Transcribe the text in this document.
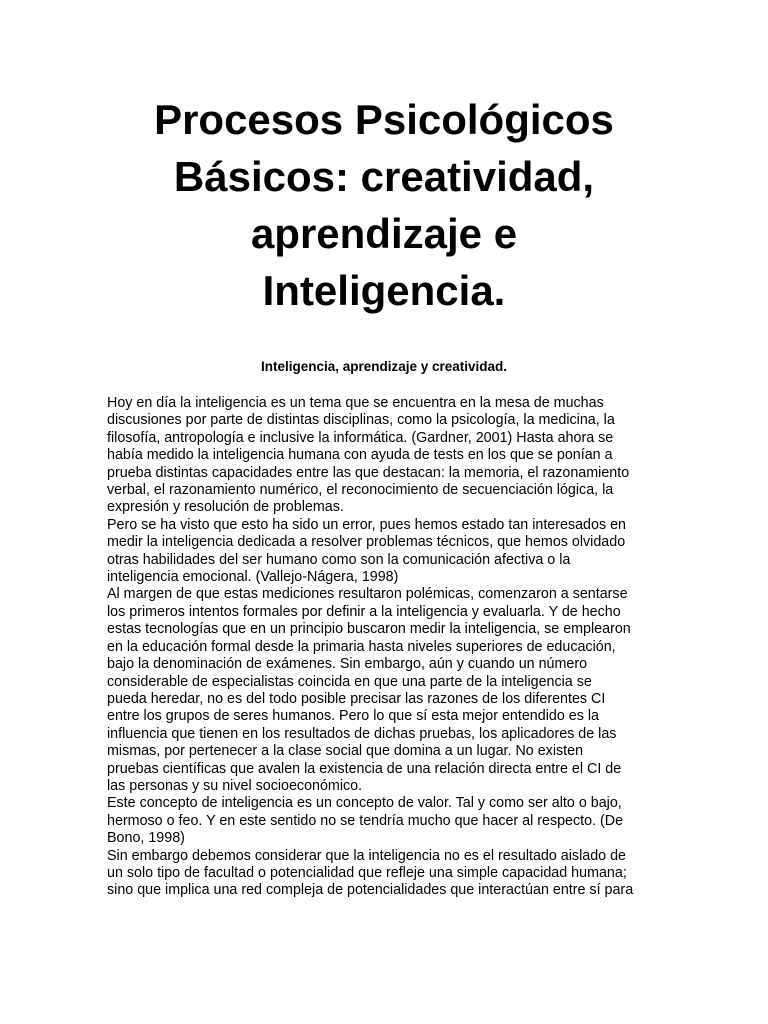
Procesos Psicológicos
Básicos: creatividad,
aprendizaje e
Inteligencia.
Inteligencia, aprendizaje y creatividad.
Hoy en día la inteligencia es un tema que se encuentra en la mesa de muchas
discusiones por parte de distintas disciplinas, como la psicología, la medicina, la
filosofía, antropología e inclusive la informática. (Gardner, 2001) Hasta ahora se
había medido la inteligencia humana con ayuda de tests en los que se ponían a
prueba distintas capacidades entre las que destacan: la memoria, el razonamiento
verbal, el razonamiento numérico, el reconocimiento de secuenciación lógica, la
expresión y resolución de problemas.
Pero se ha visto que esto ha sido un error, pues hemos estado tan interesados en
medir la inteligencia dedicada a resolver problemas técnicos, que hemos olvidado
otras habilidades del ser humano como son la comunicación afectiva o la
inteligencia emocional. (Vallejo-Nágera, 1998)
Al margen de que estas mediciones resultaron polémicas, comenzaron a sentarse
los primeros intentos formales por definir a la inteligencia y evaluarla. Y de hecho
estas tecnologías que en un principio buscaron medir la inteligencia, se emplearon
en la educación formal desde la primaria hasta niveles superiores de educación,
bajo la denominación de exámenes. Sin embargo, aún y cuando un número
considerable de especialistas coincida en que una parte de la inteligencia se
pueda heredar, no es del todo posible precisar las razones de los diferentes CI
entre los grupos de seres humanos. Pero lo que sí esta mejor entendido es la
influencia que tienen en los resultados de dichas pruebas, los aplicadores de las
mismas, por pertenecer a la clase social que domina a un lugar. No existen
pruebas científicas que avalen la existencia de una relación directa entre el CI de
las personas y su nivel socioeconómico.
Este concepto de inteligencia es un concepto de valor. Tal y como ser alto o bajo,
hermoso o feo. Y en este sentido no se tendría mucho que hacer al respecto. (De
Bono, 1998)
Sin embargo debemos considerar que la inteligencia no es el resultado aislado de
un solo tipo de facultad o potencialidad que refleje una simple capacidad humana;
sino que implica una red compleja de potencialidades que interactúan entre sí para
